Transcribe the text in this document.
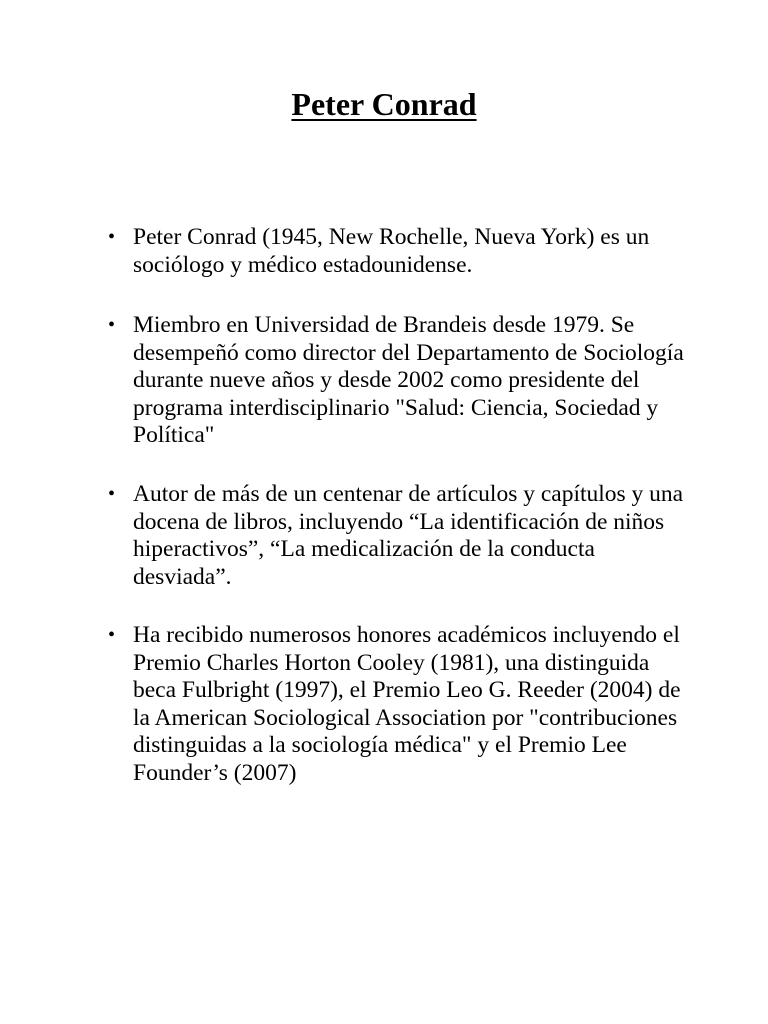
Peter Conrad
• Peter Conrad (1945, New Rochelle, Nueva York) es un sociólogo y médico estadounidense.
• Miembro en Universidad de Brandeis desde 1979. Se desempeñó como director del Departamento de Sociología durante nueve años y desde 2002 como presidente del programa interdisciplinario "Salud: Ciencia, Sociedad y Política"
• Autor de más de un centenar de artículos y capítulos y una docena de libros, incluyendo “La identificación de niños hiperactivos”, “La medicalización de la conducta desviada”.
• Ha recibido numerosos honores académicos incluyendo el Premio Charles Horton Cooley (1981), una distinguida beca Fulbright (1997), el Premio Leo G. Reeder (2004) de la American Sociological Association por "contribuciones distinguidas a la sociología médica" y el Premio Lee Founder’s (2007)
